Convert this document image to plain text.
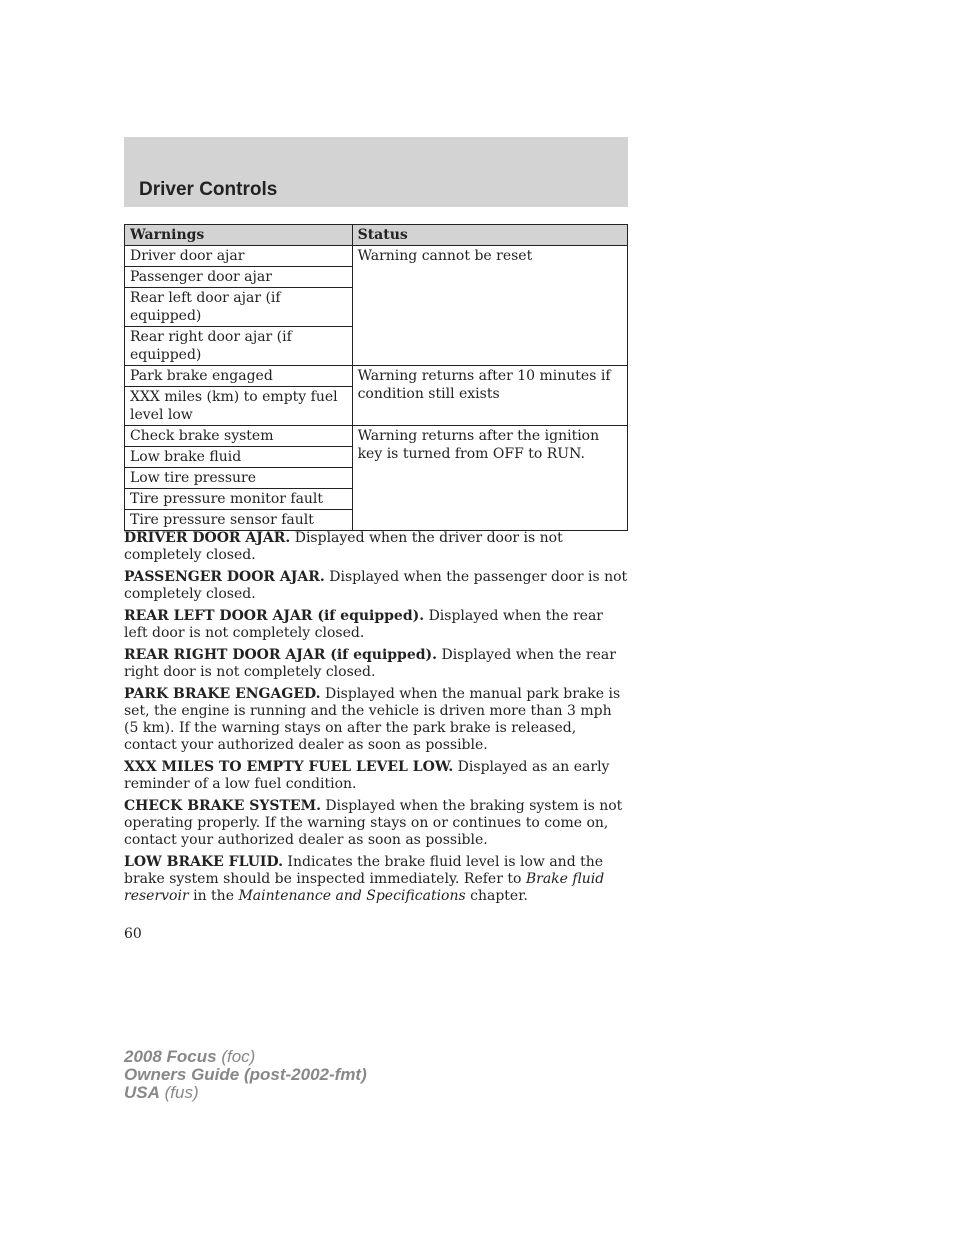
Driver Controls
Warnings	Status
Driver door ajar	Warning cannot be reset
Passenger door ajar	
Rear left door ajar (if equipped)	
Rear right door ajar (if equipped)	
Park brake engaged	Warning returns after 10 minutes if condition still exists
XXX miles (km) to empty fuel level low	
Check brake system	Warning returns after the ignition key is turned from OFF to RUN.
Low brake fluid	
Low tire pressure	
Tire pressure monitor fault	
Tire pressure sensor fault	

DRIVER DOOR AJAR. Displayed when the driver door is not completely closed.

PASSENGER DOOR AJAR. Displayed when the passenger door is not completely closed.

REAR LEFT DOOR AJAR (if equipped). Displayed when the rear left door is not completely closed.

REAR RIGHT DOOR AJAR (if equipped). Displayed when the rear right door is not completely closed.

PARK BRAKE ENGAGED. Displayed when the manual park brake is set, the engine is running and the vehicle is driven more than 3 mph (5 km). If the warning stays on after the park brake is released, contact your authorized dealer as soon as possible.

XXX MILES TO EMPTY FUEL LEVEL LOW. Displayed as an early reminder of a low fuel condition.

CHECK BRAKE SYSTEM. Displayed when the braking system is not operating properly. If the warning stays on or continues to come on, contact your authorized dealer as soon as possible.

LOW BRAKE FLUID. Indicates the brake fluid level is low and the brake system should be inspected immediately. Refer to Brake fluid reservoir in the Maintenance and Specifications chapter.

60
2008 Focus (foc)
Owners Guide (post-2002-fmt)
USA (fus)
